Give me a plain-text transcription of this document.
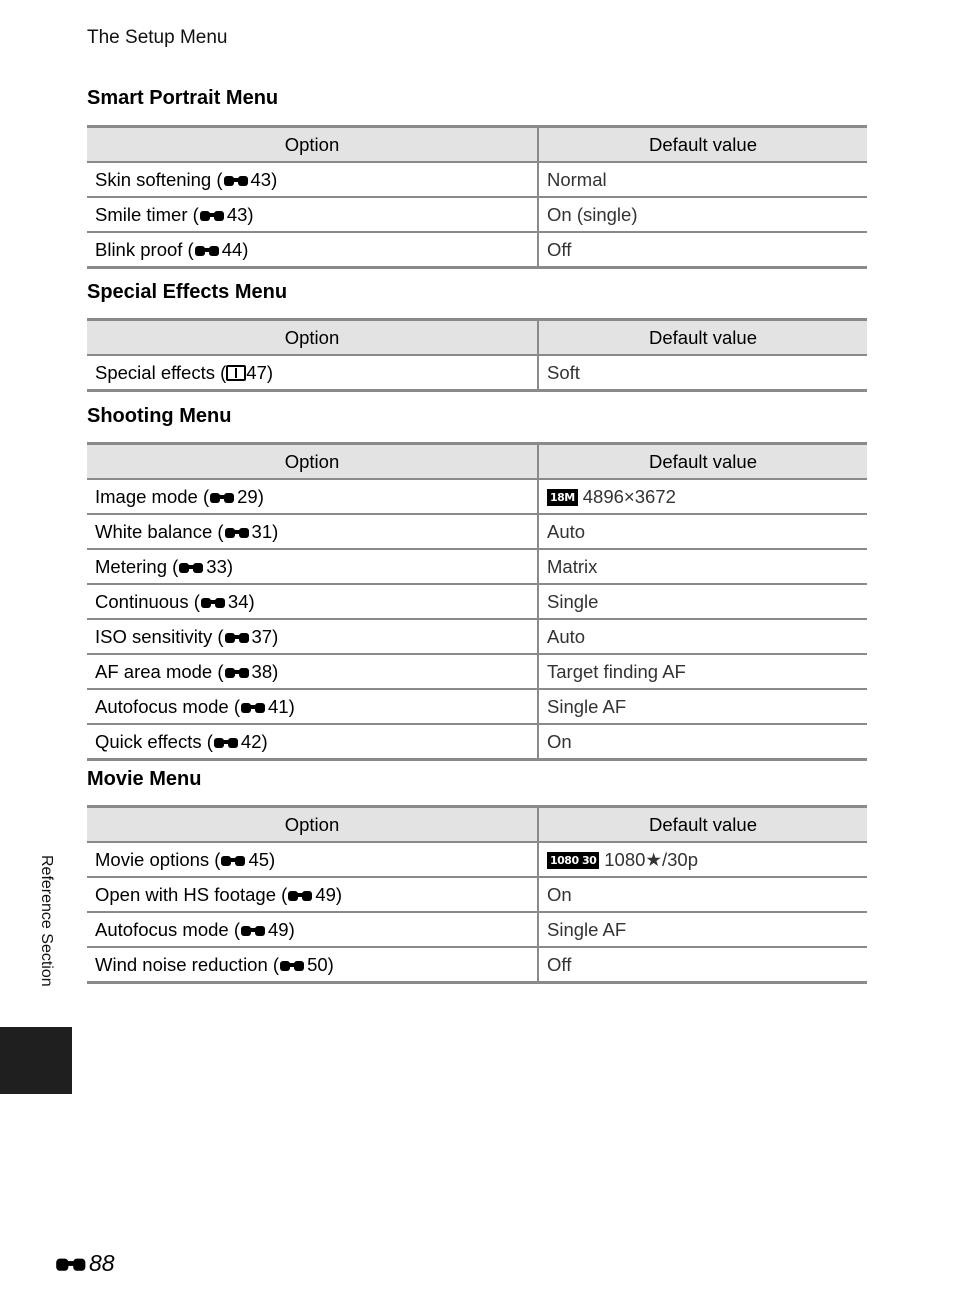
The Setup Menu
Smart Portrait Menu
Option	Default value
Skin softening ( 43)	Normal
Smile timer ( 43)	On (single)
Blink proof ( 44)	Off
Special Effects Menu
Option	Default value
Special effects ( 47)	Soft
Shooting Menu
Option	Default value
Image mode ( 29)	18M 4896×3672
White balance ( 31)	Auto
Metering ( 33)	Matrix
Continuous ( 34)	Single
ISO sensitivity ( 37)	Auto
AF area mode ( 38)	Target finding AF
Autofocus mode ( 41)	Single AF
Quick effects ( 42)	On
Movie Menu
Option	Default value
Movie options ( 45)	1080 30 1080★/30p
Open with HS footage ( 49)	On
Autofocus mode ( 49)	Single AF
Wind noise reduction ( 50)	Off
Reference Section
88
